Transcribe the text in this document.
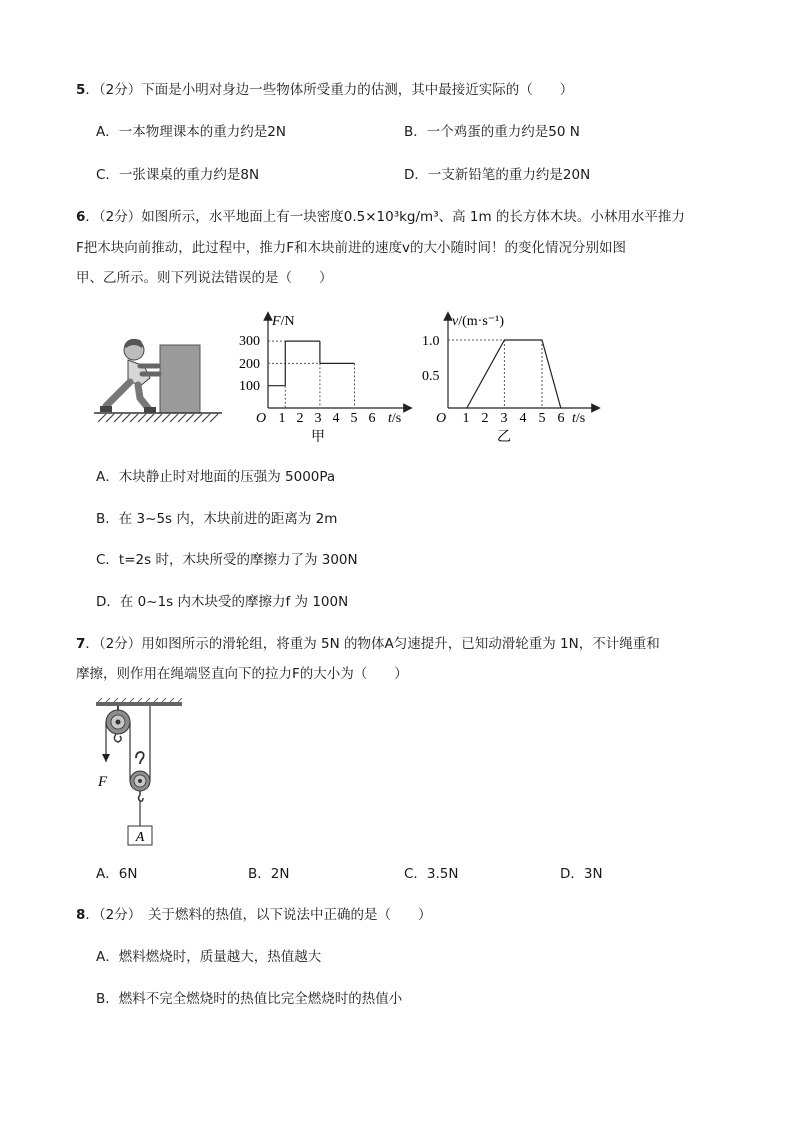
5．（2分）下面是小明对身边一些物体所受重力的估测，其中最接近实际的（　　）
A．一本物理课本的重力约是2N	B．一个鸡蛋的重力约是50 N
C．一张课桌的重力约是8N	D．一支新铅笔的重力约是20N
6．（2分）如图所示，水平地面上有一块密度0.5×10³kg/m³、高 1m 的长方体木块。小林用水平推力
F把木块向前推动，此过程中，推力F和木块前进的速度v的大小随时间！的变化情况分别如图
甲、乙所示。则下列说法错误的是（　　）
F/N
O
300
200
100
1 2 3 4 5 6 t/s
甲
v/(m·s⁻¹)
O
1.0
0.5
1 2 3 4 5 6 t/s
乙
A．木块静止时对地面的压强为 5000Pa
B．在 3~5s 内，木块前进的距离为 2m
C．t=2s 时，木块所受的摩擦力了为 300N
D．在 0~1s 内木块受的摩擦力f 为 100N
7．（2分）用如图所示的滑轮组，将重为 5N 的物体A匀速提升，已知动滑轮重为 1N，不计绳重和
摩擦，则作用在绳端竖直向下的拉力F的大小为（　　）
A
F
A．6N	B．2N	C．3.5N	D．3N
8．（2分）　关于燃料的热值，以下说法中正确的是（　　）
A．燃料燃烧时，质量越大，热值越大
B．燃料不完全燃烧时的热值比完全燃烧时的热值小
